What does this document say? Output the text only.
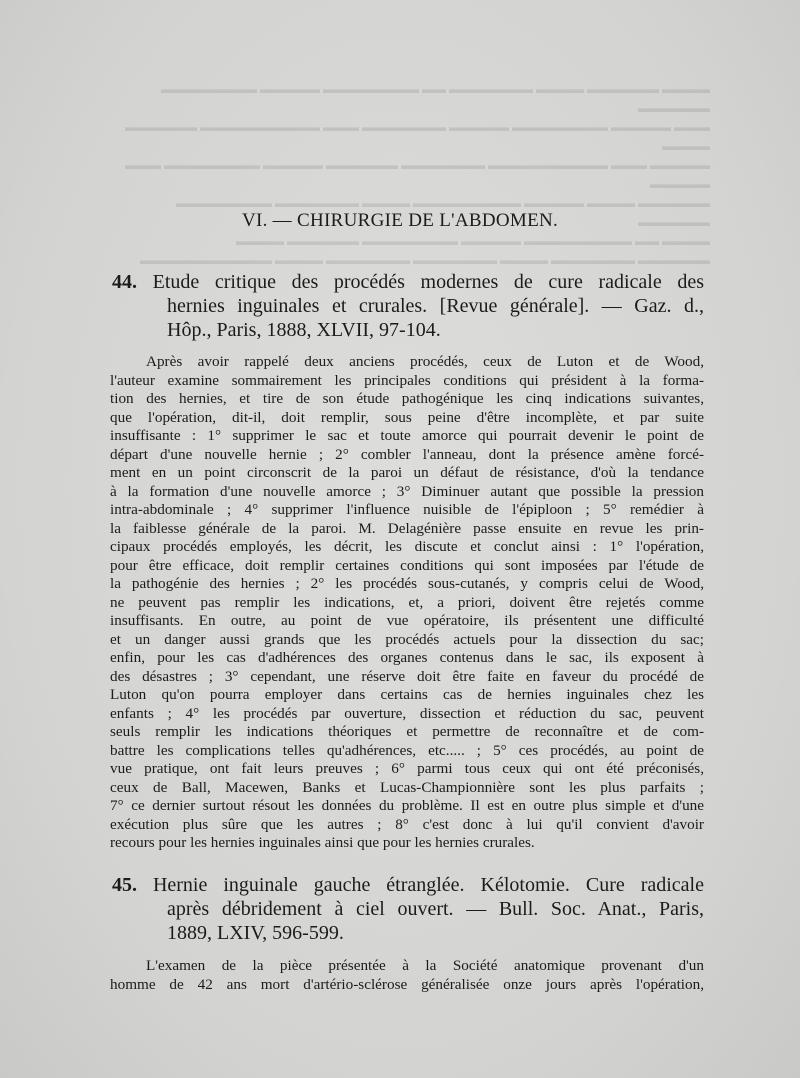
▬▬▬▬ ▬▬▬▬▬▬ ▬▬▬▬ ▬▬▬▬▬▬▬ ▬▬ ▬▬▬▬▬▬▬▬ ▬▬▬▬▬ ▬▬▬▬▬▬▬▬ ▬▬▬▬▬▬
▬▬▬ ▬▬▬▬▬ ▬▬▬▬▬▬▬▬ ▬▬▬▬▬ ▬▬▬▬▬▬▬ ▬▬▬ ▬▬▬▬▬▬▬▬▬▬ ▬▬▬▬▬▬ ▬▬▬▬
▬▬▬▬▬ ▬▬▬ ▬▬▬▬▬▬▬▬▬▬ ▬▬▬▬▬▬▬ ▬▬▬▬▬▬ ▬▬▬▬▬ ▬▬▬▬▬▬▬▬ ▬▬▬ ▬▬▬▬▬
▬▬▬▬▬▬ ▬▬▬▬ ▬▬▬▬▬ ▬▬▬▬▬▬▬▬▬ ▬▬▬▬ ▬▬▬▬▬▬▬ ▬▬▬▬▬▬▬▬ ▬▬▬▬▬▬
▬▬▬▬ ▬▬ ▬▬▬▬▬▬▬▬▬ ▬▬▬▬▬ ▬▬▬▬▬▬▬▬ ▬▬▬▬▬▬ ▬▬▬▬
▬▬▬▬▬▬ ▬▬▬▬▬▬▬ ▬▬▬▬ ▬▬▬▬▬▬▬ ▬▬▬▬▬▬▬ ▬▬▬▬ ▬▬▬▬▬▬▬▬▬▬▬
VI. — CHIRURGIE DE L'ABDOMEN.
44. Etude critique des procédés modernes de cure radicale des
hernies inguinales et crurales. [Revue générale]. — Gaz. d.,
Hôp., Paris, 1888, XLVII, 97-104.
Après avoir rappelé deux anciens procédés, ceux de Luton et de Wood,
l'auteur examine sommairement les principales conditions qui président à la forma-
tion des hernies, et tire de son étude pathogénique les cinq indications suivantes,
que l'opération, dit-il, doit remplir, sous peine d'être incomplète, et par suite
insuffisante : 1° supprimer le sac et toute amorce qui pourrait devenir le point de
départ d'une nouvelle hernie ; 2° combler l'anneau, dont la présence amène forcé-
ment en un point circonscrit de la paroi un défaut de résistance, d'où la tendance
à la formation d'une nouvelle amorce ; 3° Diminuer autant que possible la pression
intra-abdominale ; 4° supprimer l'influence nuisible de l'épiploon ; 5° remédier à
la faiblesse générale de la paroi. M. Delagénière passe ensuite en revue les prin-
cipaux procédés employés, les décrit, les discute et conclut ainsi : 1° l'opération,
pour être efficace, doit remplir certaines conditions qui sont imposées par l'étude de
la pathogénie des hernies ; 2° les procédés sous-cutanés, y compris celui de Wood,
ne peuvent pas remplir les indications, et, a priori, doivent être rejetés comme
insuffisants. En outre, au point de vue opératoire, ils présentent une difficulté
et un danger aussi grands que les procédés actuels pour la dissection du sac;
enfin, pour les cas d'adhérences des organes contenus dans le sac, ils exposent à
des désastres ; 3° cependant, une réserve doit être faite en faveur du procédé de
Luton qu'on pourra employer dans certains cas de hernies inguinales chez les
enfants ; 4° les procédés par ouverture, dissection et réduction du sac, peuvent
seuls remplir les indications théoriques et permettre de reconnaître et de com-
battre les complications telles qu'adhérences, etc..... ; 5° ces procédés, au point de
vue pratique, ont fait leurs preuves ; 6° parmi tous ceux qui ont été préconisés,
ceux de Ball, Macewen, Banks et Lucas-Championnière sont les plus parfaits ;
7° ce dernier surtout résout les données du problème. Il est en outre plus simple et d'une
exécution plus sûre que les autres ; 8° c'est donc à lui qu'il convient d'avoir
recours pour les hernies inguinales ainsi que pour les hernies crurales.
45. Hernie inguinale gauche étranglée. Kélotomie. Cure radicale
après débridement à ciel ouvert. — Bull. Soc. Anat., Paris,
1889, LXIV, 596-599.
L'examen de la pièce présentée à la Société anatomique provenant d'un
homme de 42 ans mort d'artério-sclérose généralisée onze jours après l'opération,
